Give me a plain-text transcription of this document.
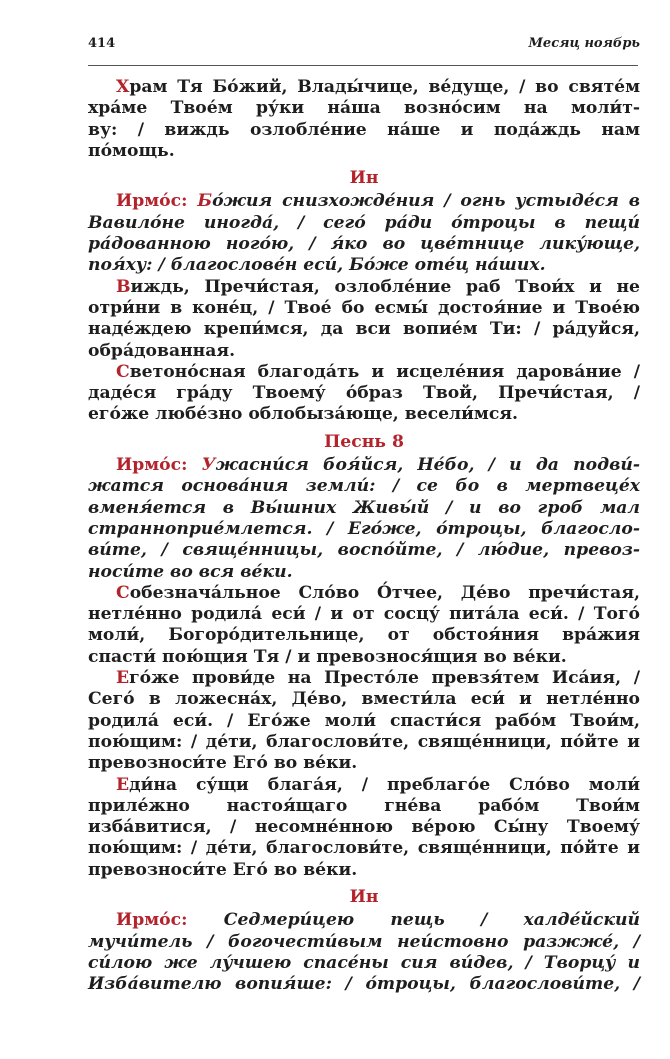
414	Месяц ноябрь
Храм Тя Бо́жий, Влады́чице, ве́дуще, / во святе́м
хра́ме Твое́м ру́ки на́ша возно́сим на моли́т-
ву: / виждь озлобле́ние на́ше и пода́ждь нам
по́мощь.
Ин
Ирмо́с: Бо́жия снизхожде́ния / огнь устыде́ся в
Вавило́не иногда́, / сего́ ра́ди о́троцы в пещи́
ра́дованною ного́ю, / я́ко во цве́тнице лику́юще,
поя́ху: / благослове́н еси́, Бо́же оте́ц на́ших.
Виждь, Пречи́стая, озлобле́ние раб Твои́х и не
отри́ни в коне́ц, / Твое́ бо есмы́ достоя́ние и Твое́ю
наде́ждею крепи́мся, да вси вопие́м Ти: / ра́дуйся,
обра́дованная.
Светоно́сная благода́ть и исцеле́ния дарова́ние /
даде́ся гра́ду Твоему́ о́браз Твой, Пречи́стая, /
его́же любе́зно облобыза́юще, весели́мся.
Песнь 8
Ирмо́с: Ужасни́ся боя́йся, Не́бо, / и да подви́-
жатся основа́ния земли́: / се бо в мертвеце́х
вменя́ется в Вы́шних Живы́й / и во гроб мал
странноприе́млется. / Его́же, о́троцы, благосло-
ви́те, / свяще́нницы, воспо́йте, / лю́дие, превоз-
носи́те во вся ве́ки.
Собезнача́льное Сло́во О́тчее, Де́во пречи́стая,
нетле́нно родила́ еси́ / и от сосцу́ пита́ла еси́. / Того́
моли́, Богоро́дительнице, от обстоя́ния вра́жия
спасти́ пою́щия Тя / и превознося́щия во ве́ки.
Его́же прови́де на Престо́ле превзя́тем Иса́ия, /
Сего́ в ложесна́х, Де́во, вмести́ла еси́ и нетле́нно
родила́ еси́. / Его́же моли́ спасти́ся рабо́м Твои́м,
пою́щим: / де́ти, благослови́те, свяще́нници, по́йте и
превозноси́те Его́ во ве́ки.
Еди́на су́щи блага́я, / преблаго́е Сло́во моли́
приле́жно настоя́щаго гне́ва рабо́м Твои́м
изба́витися, / несомне́нною ве́рою Сы́ну Твоему́
пою́щим: / де́ти, благослови́те, свяще́нници, по́йте и
превозноси́те Его́ во ве́ки.
Ин
Ирмо́с: Седмери́цею пещь / халде́йский
мучи́тель / богочести́вым неи́стовно разжже́, /
си́лою же лу́чшею спасе́ны сия ви́дев, / Творцу́ и
Изба́вителю вопия́ше: / о́троцы, благослови́те, /
